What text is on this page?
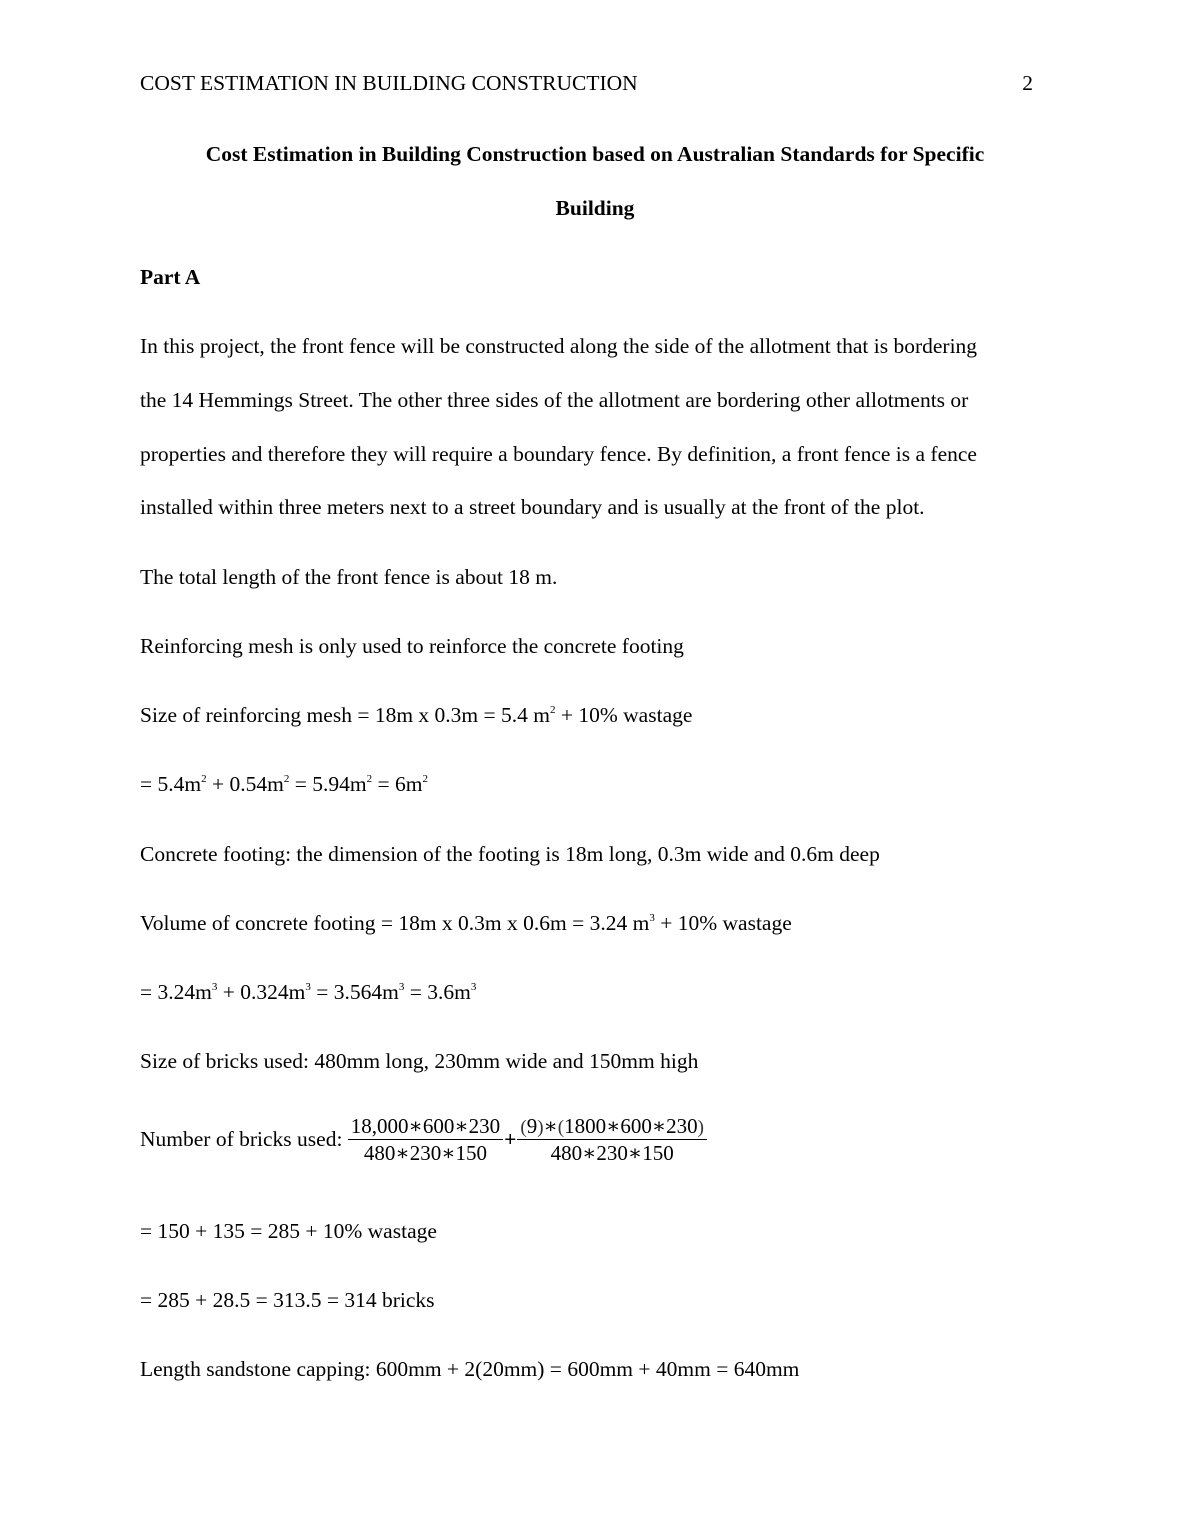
COST ESTIMATION IN BUILDING CONSTRUCTION	2
Cost Estimation in Building Construction based on Australian Standards for Specific
Building
Part A
In this project, the front fence will be constructed along the side of the allotment that is bordering
the 14 Hemmings Street. The other three sides of the allotment are bordering other allotments or
properties and therefore they will require a boundary fence. By definition, a front fence is a fence
installed within three meters next to a street boundary and is usually at the front of the plot.
The total length of the front fence is about 18 m.
Reinforcing mesh is only used to reinforce the concrete footing
Size of reinforcing mesh = 18m x 0.3m = 5.4 $m^2 + 10\%$ wastage
= $5.4m^2 + 0.54m^2 = 5.94m^2 = 6m^2$
Concrete footing: the dimension of the footing is 18m long, 0.3m wide and 0.6m deep
Volume of concrete footing = 18m x 0.3m x 0.6m = 3.24 $m^3 + 10\%$ wastage
= $3.24m^3 + 0.324m^3 = 3.564m^3 = 3.6m^3$
Size of bricks used: 480mm long, 230mm wide and 150mm high
Number of bricks used: $\frac{18,000∗600∗230}{480∗230∗150} + \frac{(9)∗(1800∗600∗230)}{480∗230∗150}$
= 150 + 135 = 285 + 10% wastage
= 285 + 28.5 = 313.5 = 314 bricks
Length sandstone capping: 600mm + 2(20mm) = 600mm + 40mm = 640mm
